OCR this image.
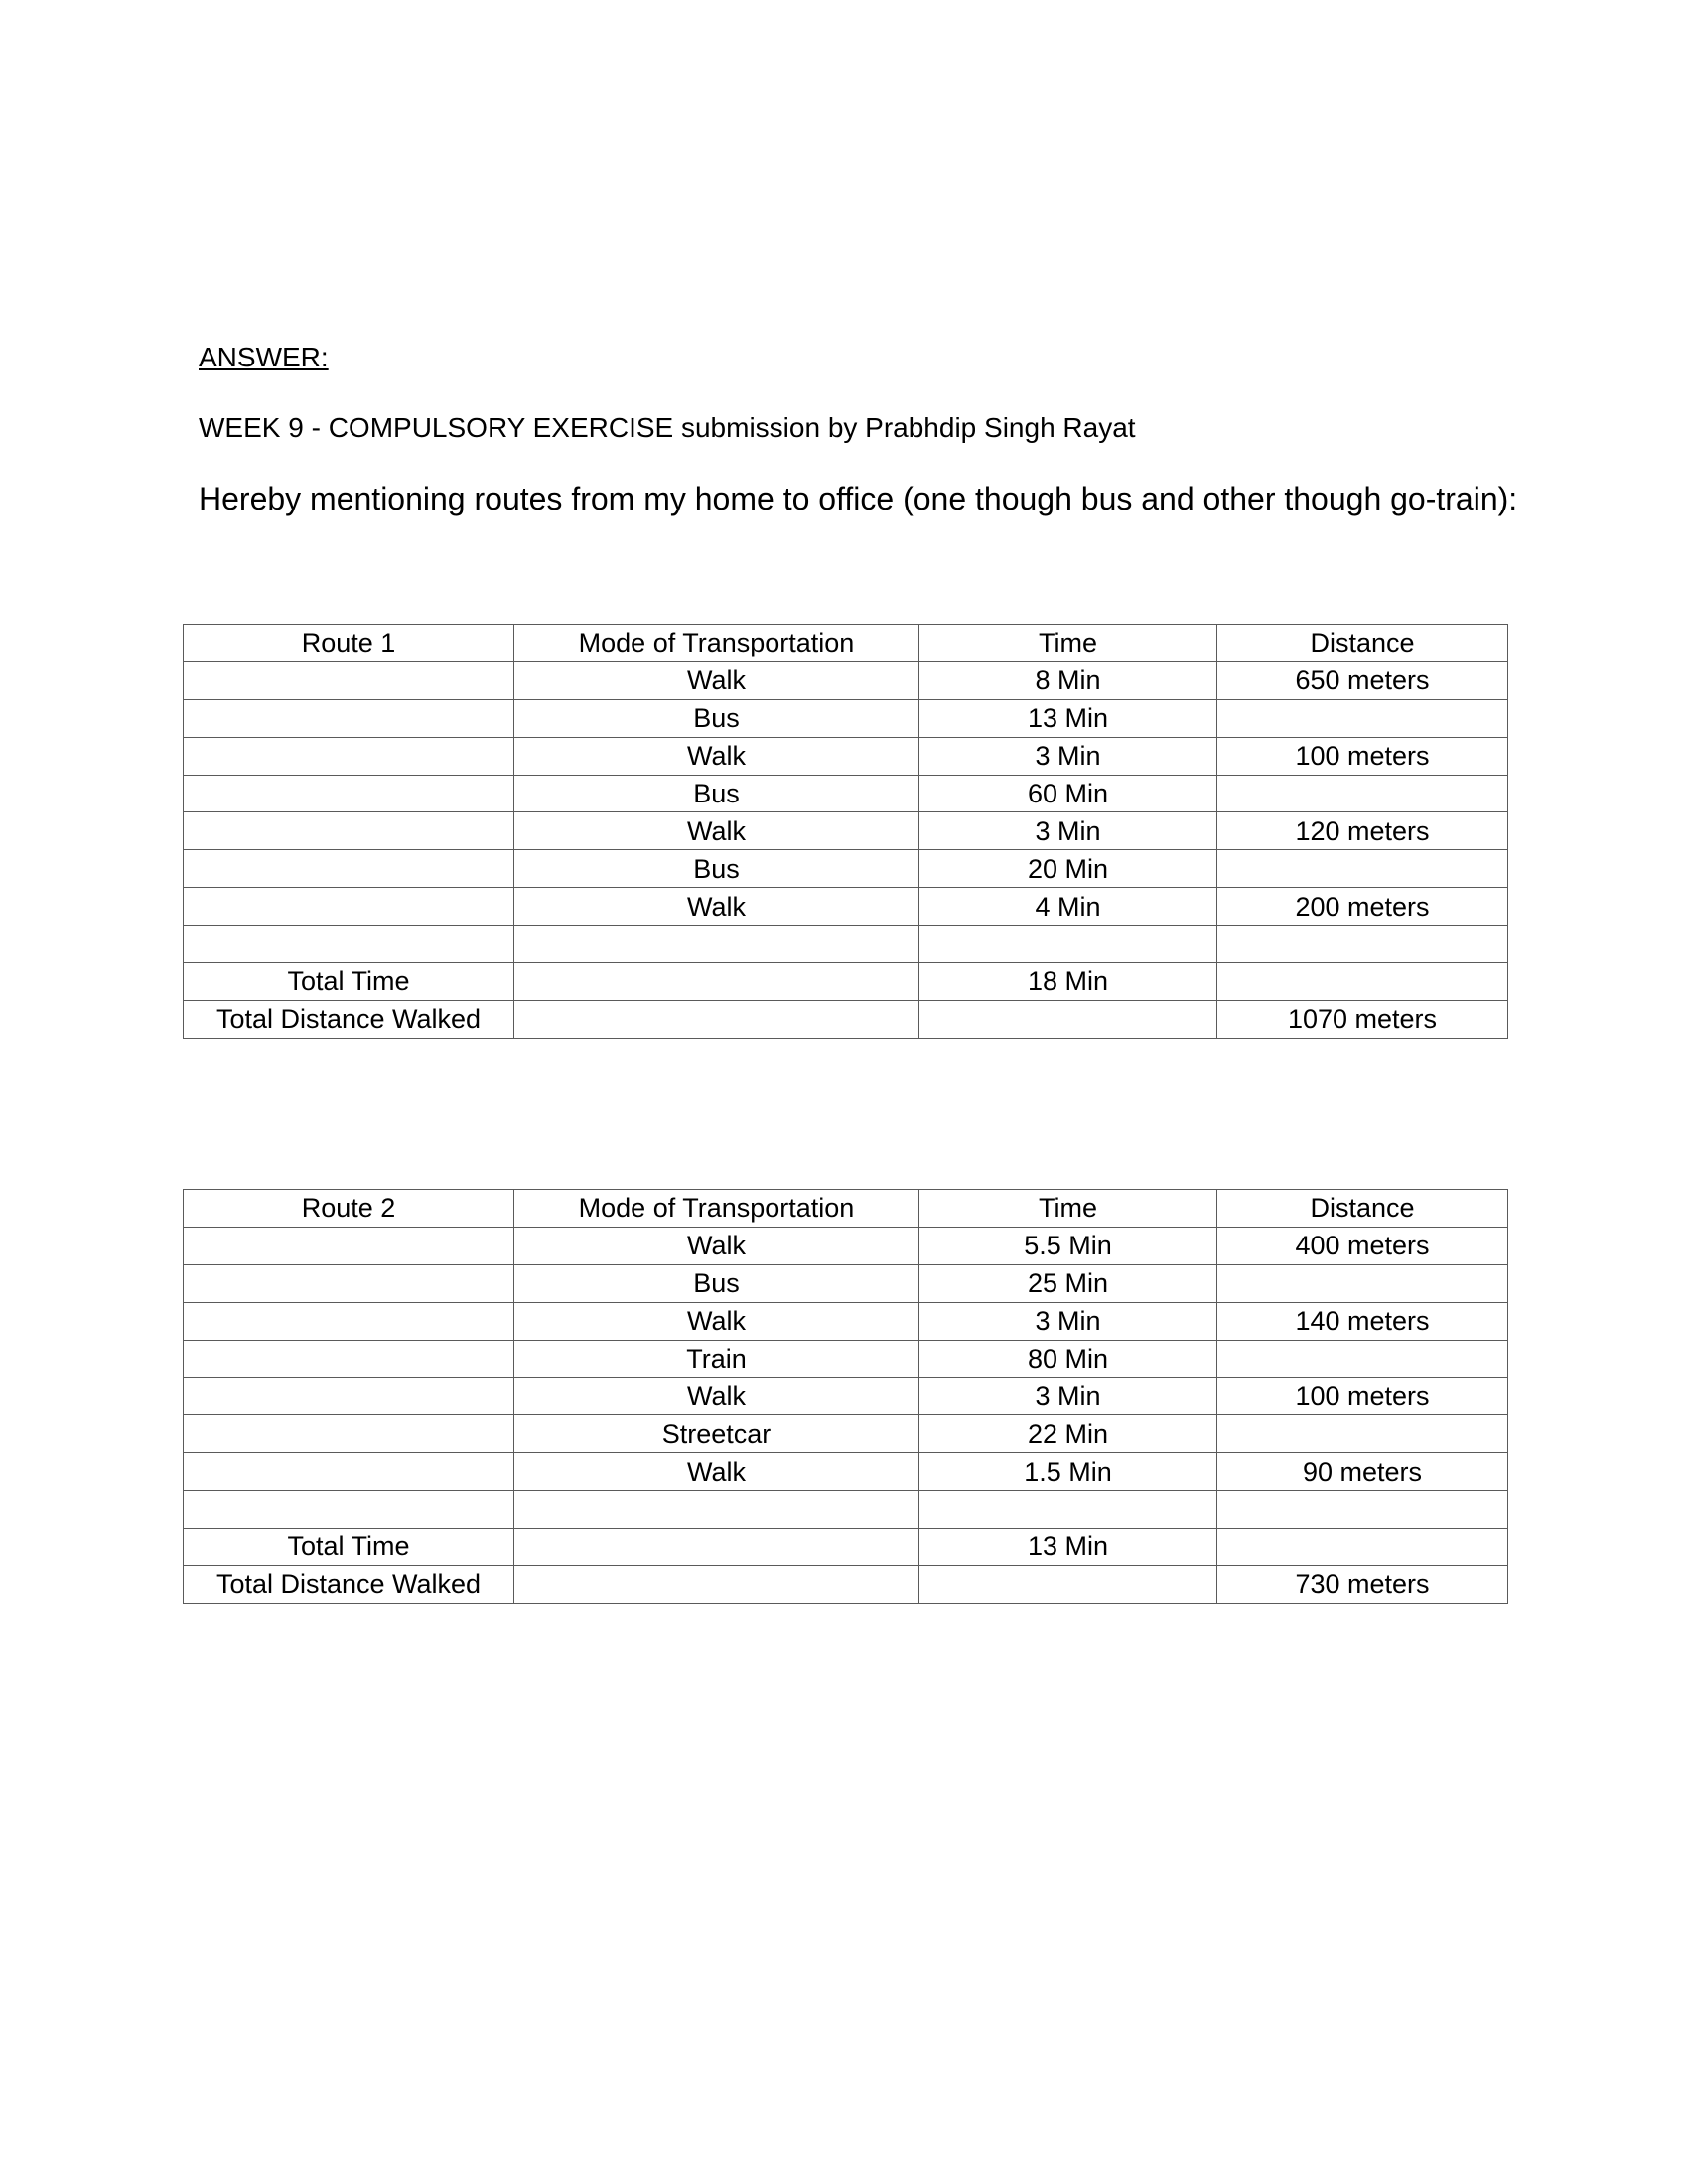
ANSWER:
WEEK 9 - COMPULSORY EXERCISE submission by Prabhdip Singh Rayat
Hereby mentioning routes from my home to office (one though bus and other though go-train):
Route 1	Mode of Transportation	Time	Distance
	Walk	8 Min	650 meters
	Bus	13 Min	
	Walk	3 Min	100 meters
	Bus	60 Min	
	Walk	3 Min	120 meters
	Bus	20 Min	
	Walk	4 Min	200 meters

Total Time		18 Min	
Total Distance Walked			1070 meters
Route 2	Mode of Transportation	Time	Distance
	Walk	5.5 Min	400 meters
	Bus	25 Min	
	Walk	3 Min	140 meters
	Train	80 Min	
	Walk	3 Min	100 meters
	Streetcar	22 Min	
	Walk	1.5 Min	90 meters

Total Time		13 Min	
Total Distance Walked			730 meters
